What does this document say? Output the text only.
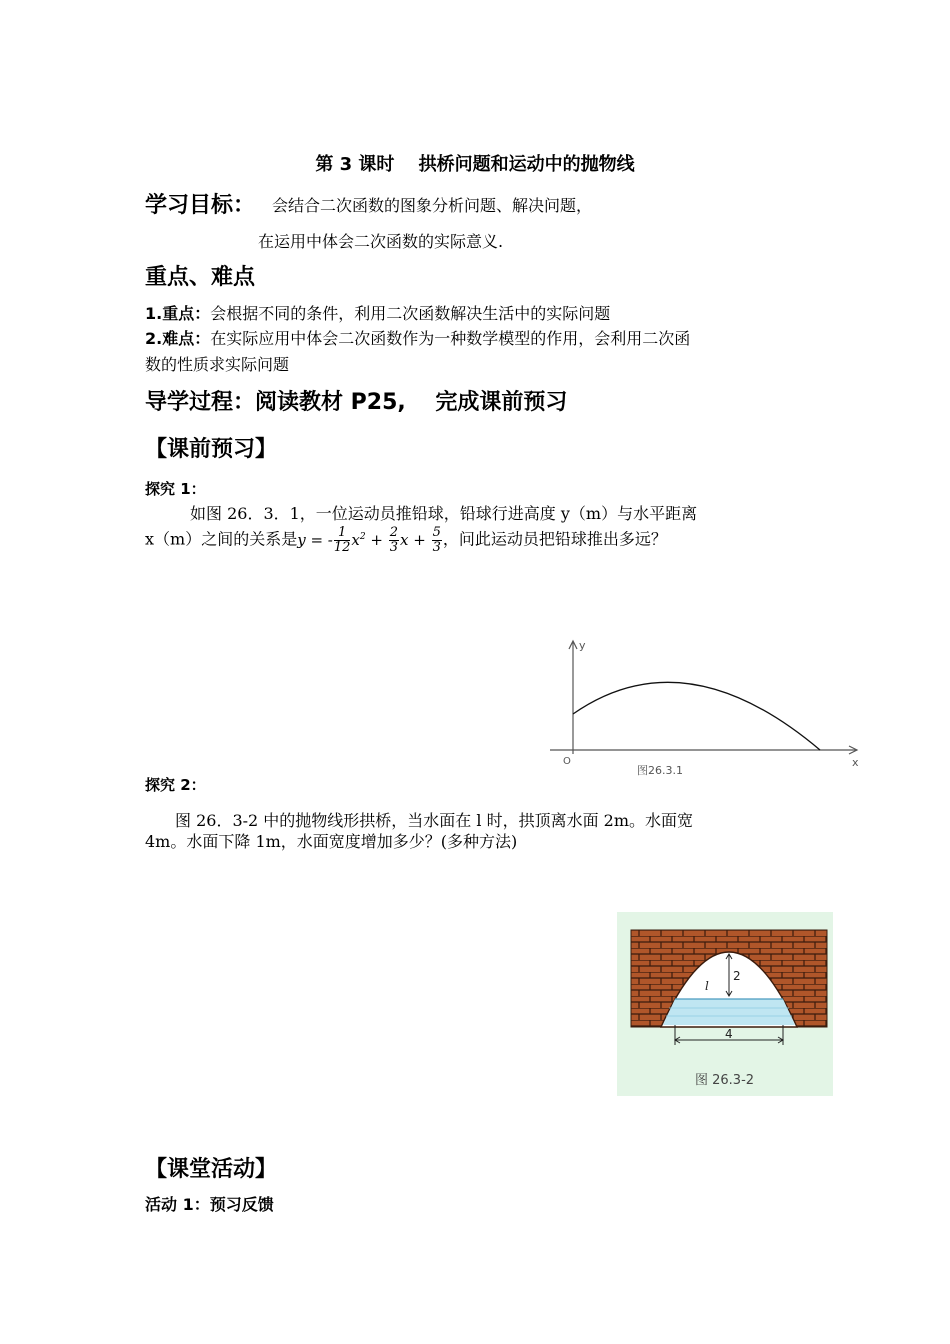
第 3 课时　 拱桥问题和运动中的抛物线
学习目标： 会结合二次函数的图象分析问题、解决问题，
在运用中体会二次函数的实际意义.
重点、难点
1.重点：会根据不同的条件，利用二次函数解决生活中的实际问题
2.难点：在实际应用中体会二次函数作为一种数学模型的作用，会利用二次函
数的性质求实际问题
导学过程：阅读教材 P25,　 完成课前预习
【课前预习】
探究 1：
如图 26．3．1，一位运动员推铅球，铅球行进高度 y（m）与水平距离
x（m）之间的关系是y = - $\frac{1}{12} x^2 + \frac{2}{3}$ $x + \frac{5}{3}$ ，问此运动员把铅球推出多远？
y
x
O
图26.3.1
探究 2：
图 26．3-2 中的抛物线形拱桥，当水面在 l 时，拱顶离水面 2m。水面宽
4m。水面下降 1m，水面宽度增加多少？(多种方法)
2
l
4
图 26.3-2
【课堂活动】
活动 1：预习反馈
